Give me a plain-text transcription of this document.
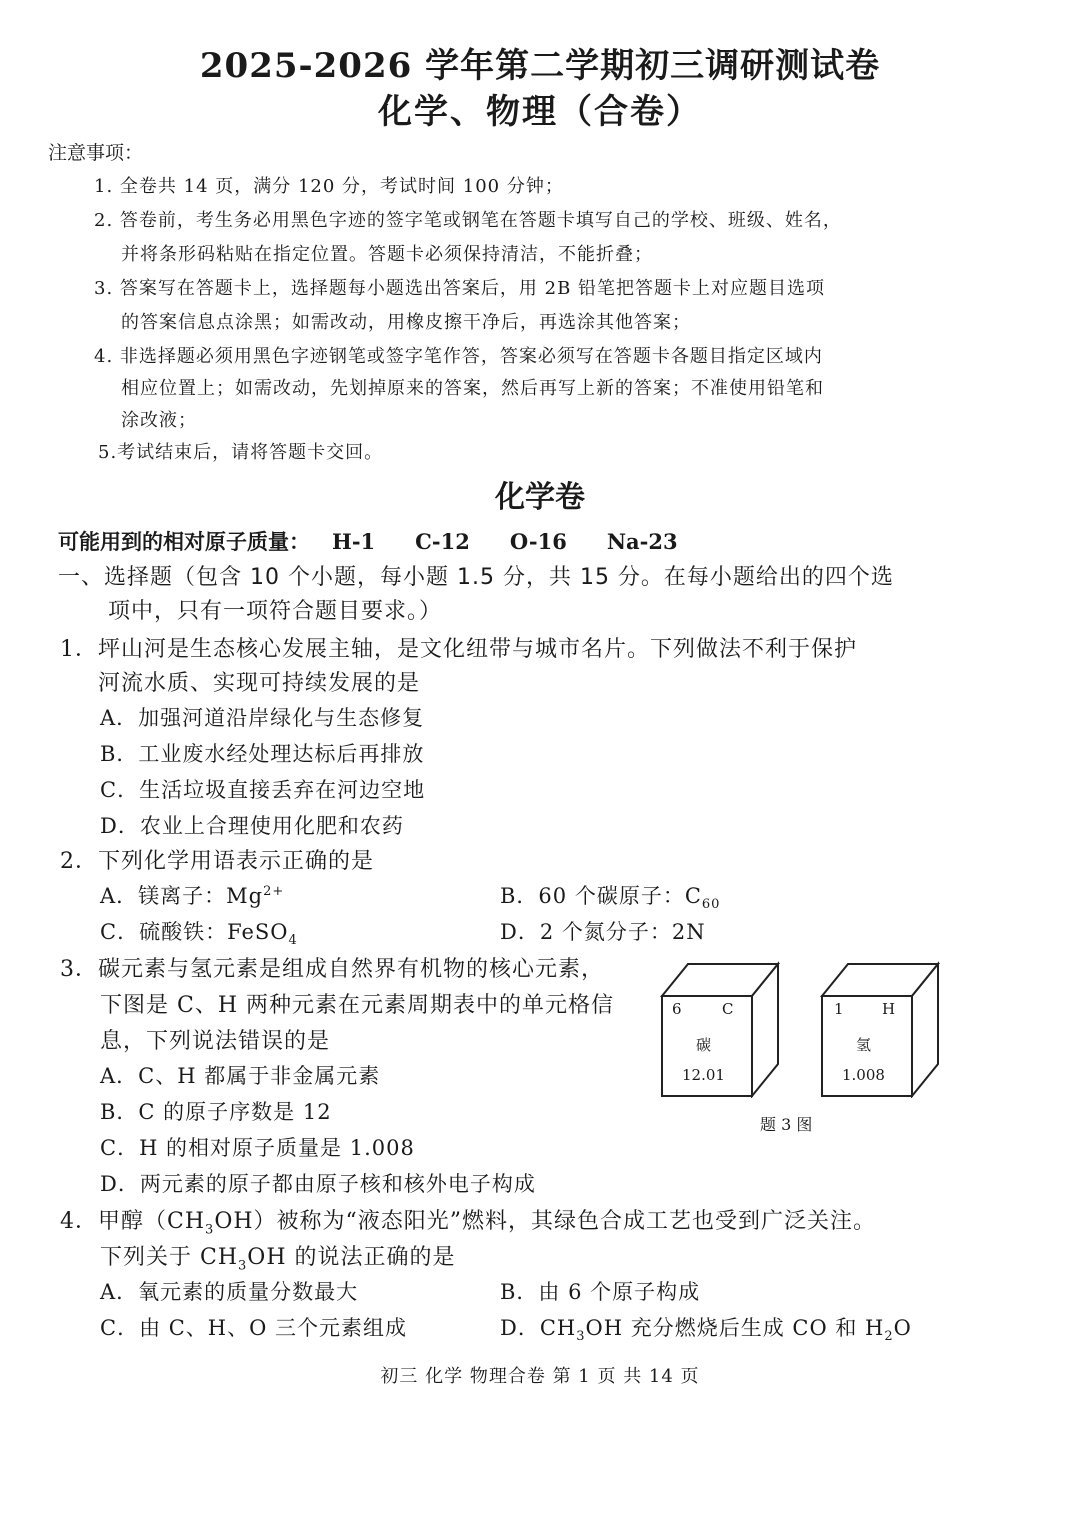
2025-2026 学年第二学期初三调研测试卷
化学、物理（合卷）
注意事项：
1. 全卷共 14 页，满分 120 分，考试时间 100 分钟；
2. 答卷前，考生务必用黑色字迹的签字笔或钢笔在答题卡填写自己的学校、班级、姓名，
并将条形码粘贴在指定位置。答题卡必须保持清洁，不能折叠；
3. 答案写在答题卡上，选择题每小题选出答案后，用 2B 铅笔把答题卡上对应题目选项
的答案信息点涂黑；如需改动，用橡皮擦干净后，再选涂其他答案；
4. 非选择题必须用黑色字迹钢笔或签字笔作答，答案必须写在答题卡各题目指定区域内
相应位置上；如需改动，先划掉原来的答案，然后再写上新的答案；不准使用铅笔和
涂改液；
5.考试结束后，请将答题卡交回。
化学卷
可能用到的相对原子质量： H-1 C-12 O-16 Na-23
一、选择题（包含 10 个小题，每小题 1.5 分，共 15 分。在每小题给出的四个选
项中，只有一项符合题目要求。）
1．坪山河是生态核心发展主轴，是文化纽带与城市名片。下列做法不利于保护
河流水质、实现可持续发展的是
A．加强河道沿岸绿化与生态修复
B．工业废水经处理达标后再排放
C．生活垃圾直接丢弃在河边空地
D．农业上合理使用化肥和农药
2．下列化学用语表示正确的是
A．镁离子：$Mg^{2+}$	B．60 个碳原子：$C_{60}$
C．硫酸铁：FeSO$_4$	D．2 个氮分子：2N
3．碳元素与氢元素是组成自然界有机物的核心元素，
下图是 C、H 两种元素在元素周期表中的单元格信
息，下列说法错误的是
A．C、H 都属于非金属元素
B．C 的原子序数是 12
C．H 的相对原子质量是 1.008
D．两元素的原子都由原子核和核外电子构成
6	C
碳
12.01
1	H
氢
1.008
题 3 图
4．甲醇$(CH_3OH)$被称为“液态阳光”燃料，其绿色合成工艺也受到广泛关注。
下列关于 $CH_3OH$ 的说法正确的是
A．氧元素的质量分数最大	B．由 6 个原子构成
C．由 C、H、O 三个元素组成	D．$CH_3OH$ 充分燃烧后生成 CO 和 $H_2O$
初三 化学 物理合卷 第 1 页 共 14 页
